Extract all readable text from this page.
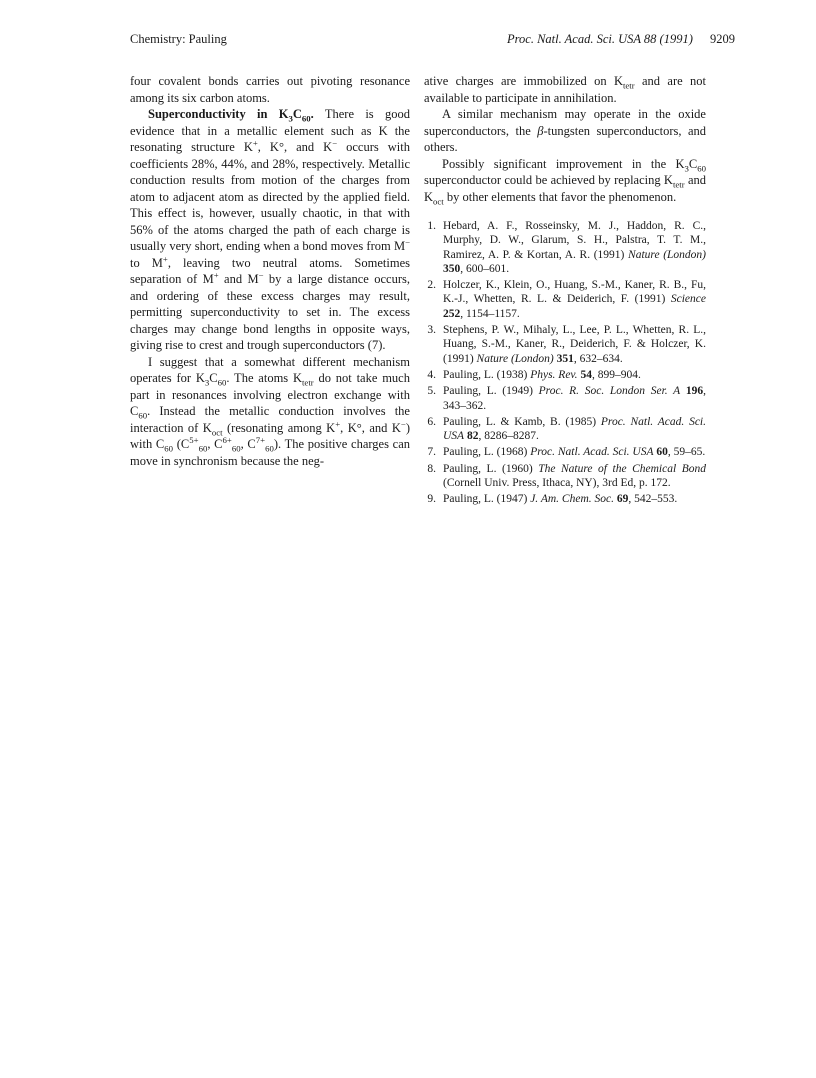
Chemistry: Pauling	Proc. Natl. Acad. Sci. USA 88 (1991) 9209

four covalent bonds carries out pivoting resonance among its six carbon atoms.

Superconductivity in $K_3C_{60}$. There is good evidence that in a metallic element such as K the resonating structure K+, K°, and K− occurs with coefficients 28%, 44%, and 28%, respectively. Metallic conduction results from motion of the charges from atom to adjacent atom as directed by the applied field. This effect is, however, usually chaotic, in that with 56% of the atoms charged the path of each charge is usually very short, ending when a bond moves from M− to M+, leaving two neutral atoms. Sometimes separation of M+ and M− by a large distance occurs, and ordering of these excess charges may result, permitting superconductivity to set in. The excess charges may change bond lengths in opposite ways, giving rise to crest and trough superconductors (7).

I suggest that a somewhat different mechanism operates for $K_3C_{60}$. The atoms $K_{tetr}$ do not take much part in resonances involving electron exchange with $C_{60}$. Instead the metallic conduction involves the interaction of $K_{oct}$ (resonating among K+, K°, and K−) with $C_{60}$ ($C^{5+}_{60}$, $C^{6+}_{60}$, $C^{7+}_{60}$). The positive charges can move in synchronism because the neg-

ative charges are immobilized on $K_{tetr}$ and are not available to participate in annihilation.

A similar mechanism may operate in the oxide superconductors, the β-tungsten superconductors, and others.

Possibly significant improvement in the $K_3C_{60}$ superconductor could be achieved by replacing $K_{tetr}$ and $K_{oct}$ by other elements that favor the phenomenon.

1. Hebard, A. F., Rosseinsky, M. J., Haddon, R. C., Murphy, D. W., Glarum, S. H., Palstra, T. T. M., Ramirez, A. P. & Kortan, A. R. (1991) Nature (London) 350, 600–601.
2. Holczer, K., Klein, O., Huang, S.-M., Kaner, R. B., Fu, K.-J., Whetten, R. L. & Deiderich, F. (1991) Science 252, 1154–1157.
3. Stephens, P. W., Mihaly, L., Lee, P. L., Whetten, R. L., Huang, S.-M., Kaner, R., Deiderich, F. & Holczer, K. (1991) Nature (London) 351, 632–634.
4. Pauling, L. (1938) Phys. Rev. 54, 899–904.
5. Pauling, L. (1949) Proc. R. Soc. London Ser. A 196, 343–362.
6. Pauling, L. & Kamb, B. (1985) Proc. Natl. Acad. Sci. USA 82, 8286–8287.
7. Pauling, L. (1968) Proc. Natl. Acad. Sci. USA 60, 59–65.
8. Pauling, L. (1960) The Nature of the Chemical Bond (Cornell Univ. Press, Ithaca, NY), 3rd Ed, p. 172.
9. Pauling, L. (1947) J. Am. Chem. Soc. 69, 542–553.
